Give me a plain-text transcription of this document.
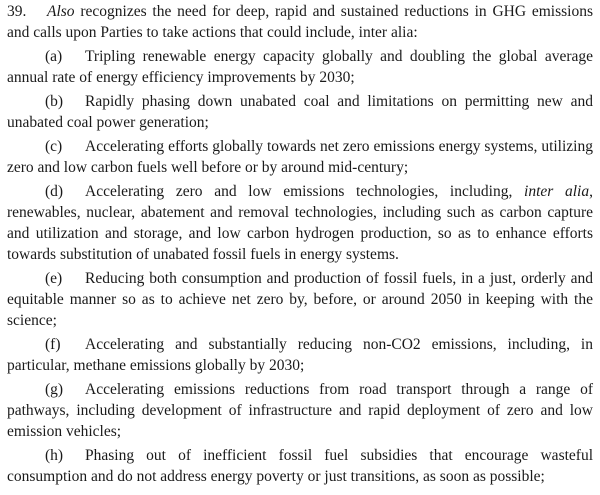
39. Also recognizes the need for deep, rapid and sustained reductions in GHG emissions and calls upon Parties to take actions that could include, inter alia:

(a) Tripling renewable energy capacity globally and doubling the global average annual rate of energy efficiency improvements by 2030;

(b) Rapidly phasing down unabated coal and limitations on permitting new and unabated coal power generation;

(c) Accelerating efforts globally towards net zero emissions energy systems, utilizing zero and low carbon fuels well before or by around mid-century;

(d) Accelerating zero and low emissions technologies, including, inter alia, renewables, nuclear, abatement and removal technologies, including such as carbon capture and utilization and storage, and low carbon hydrogen production, so as to enhance efforts towards substitution of unabated fossil fuels in energy systems.

(e) Reducing both consumption and production of fossil fuels, in a just, orderly and equitable manner so as to achieve net zero by, before, or around 2050 in keeping with the science;

(f) Accelerating and substantially reducing non-CO2 emissions, including, in particular, methane emissions globally by 2030;

(g) Accelerating emissions reductions from road transport through a range of pathways, including development of infrastructure and rapid deployment of zero and low emission vehicles;

(h) Phasing out of inefficient fossil fuel subsidies that encourage wasteful consumption and do not address energy poverty or just transitions, as soon as possible;
